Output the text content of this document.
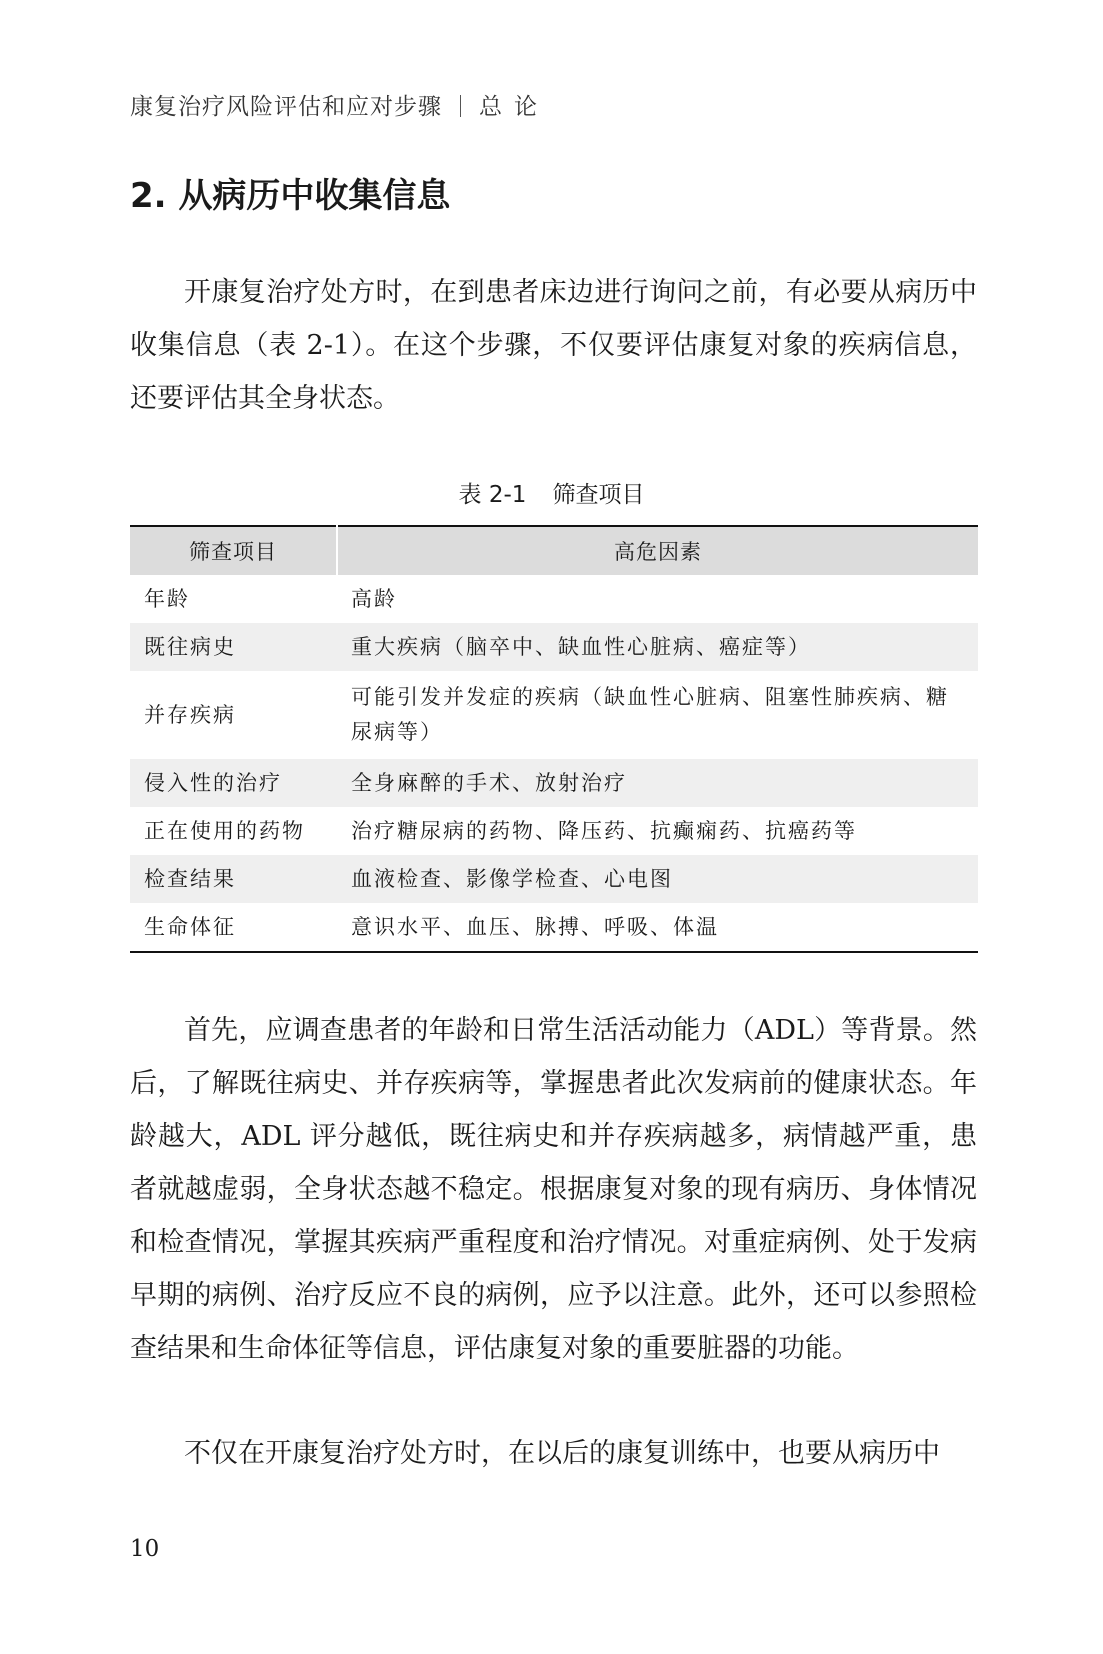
康复治疗风险评估和应对步骤 总论
2. 从病历中收集信息

开康复治疗处方时，在到患者床边进行询问之前，有必要从病历中收集信息（表 2-1）。在这个步骤，不仅要评估康复对象的疾病信息，还要评估其全身状态。

表 2-1 筛查项目
筛查项目	高危因素
年龄	高龄
既往病史	重大疾病（脑卒中、缺血性心脏病、癌症等）
并存疾病	可能引发并发症的疾病（缺血性心脏病、阻塞性肺疾病、糖尿病等）
侵入性的治疗	全身麻醉的手术、放射治疗
正在使用的药物	治疗糖尿病的药物、降压药、抗癫痫药、抗癌药等
检查结果	血液检查、影像学检查、心电图
生命体征	意识水平、血压、脉搏、呼吸、体温

首先，应调查患者的年龄和日常生活活动能力（ADL）等背景。然后，了解既往病史、并存疾病等，掌握患者此次发病前的健康状态。年龄越大，ADL 评分越低，既往病史和并存疾病越多，病情越严重，患者就越虚弱，全身状态越不稳定。根据康复对象的现有病历、身体情况和检查情况，掌握其疾病严重程度和治疗情况。对重症病例、处于发病早期的病例、治疗反应不良的病例，应予以注意。此外，还可以参照检查结果和生命体征等信息，评估康复对象的重要脏器的功能。

不仅在开康复治疗处方时，在以后的康复训练中，也要从病历中

10
